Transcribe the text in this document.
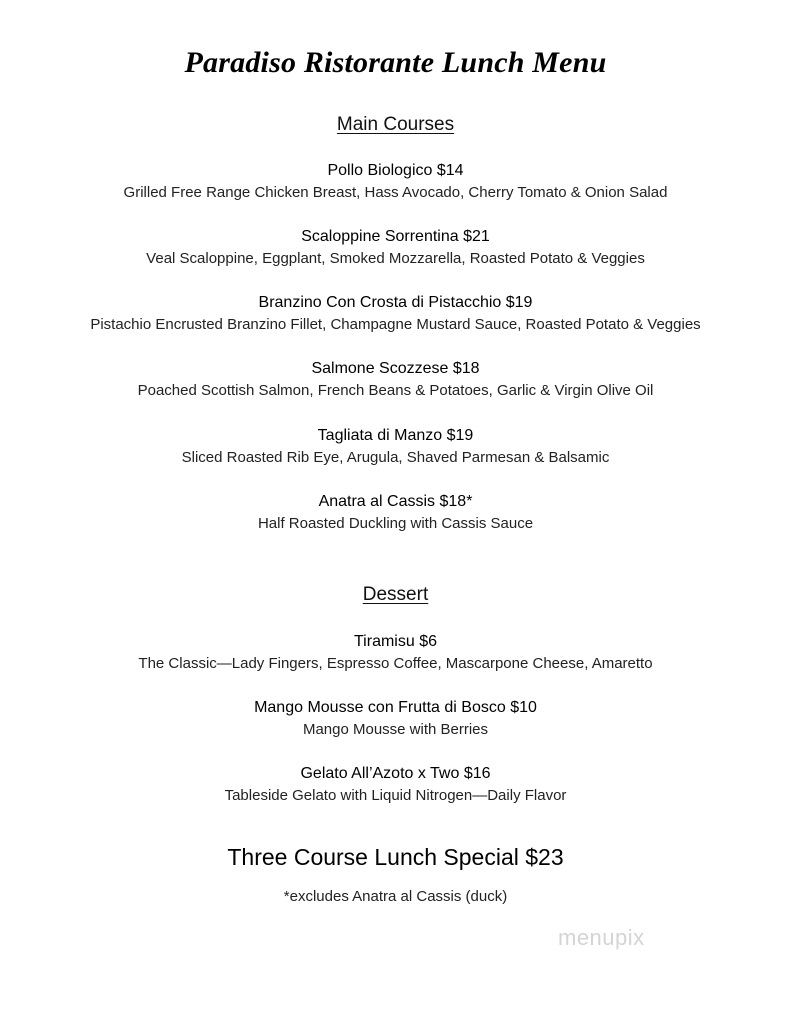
Paradiso Ristorante Lunch Menu
Main Courses
Pollo Biologico $14
Grilled Free Range Chicken Breast, Hass Avocado, Cherry Tomato & Onion Salad
Scaloppine Sorrentina $21
Veal Scaloppine, Eggplant, Smoked Mozzarella, Roasted Potato & Veggies
Branzino Con Crosta di Pistacchio $19
Pistachio Encrusted Branzino Fillet, Champagne Mustard Sauce, Roasted Potato & Veggies
Salmone Scozzese $18
Poached Scottish Salmon, French Beans & Potatoes, Garlic & Virgin Olive Oil
Tagliata di Manzo $19
Sliced Roasted Rib Eye, Arugula, Shaved Parmesan & Balsamic
Anatra al Cassis $18*
Half Roasted Duckling with Cassis Sauce
Dessert
Tiramisu $6
The Classic—Lady Fingers, Espresso Coffee, Mascarpone Cheese, Amaretto
Mango Mousse con Frutta di Bosco $10
Mango Mousse with Berries
Gelato All’Azoto x Two $16
Tableside Gelato with Liquid Nitrogen—Daily Flavor
Three Course Lunch Special $23
*excludes Anatra al Cassis (duck)
menupix
